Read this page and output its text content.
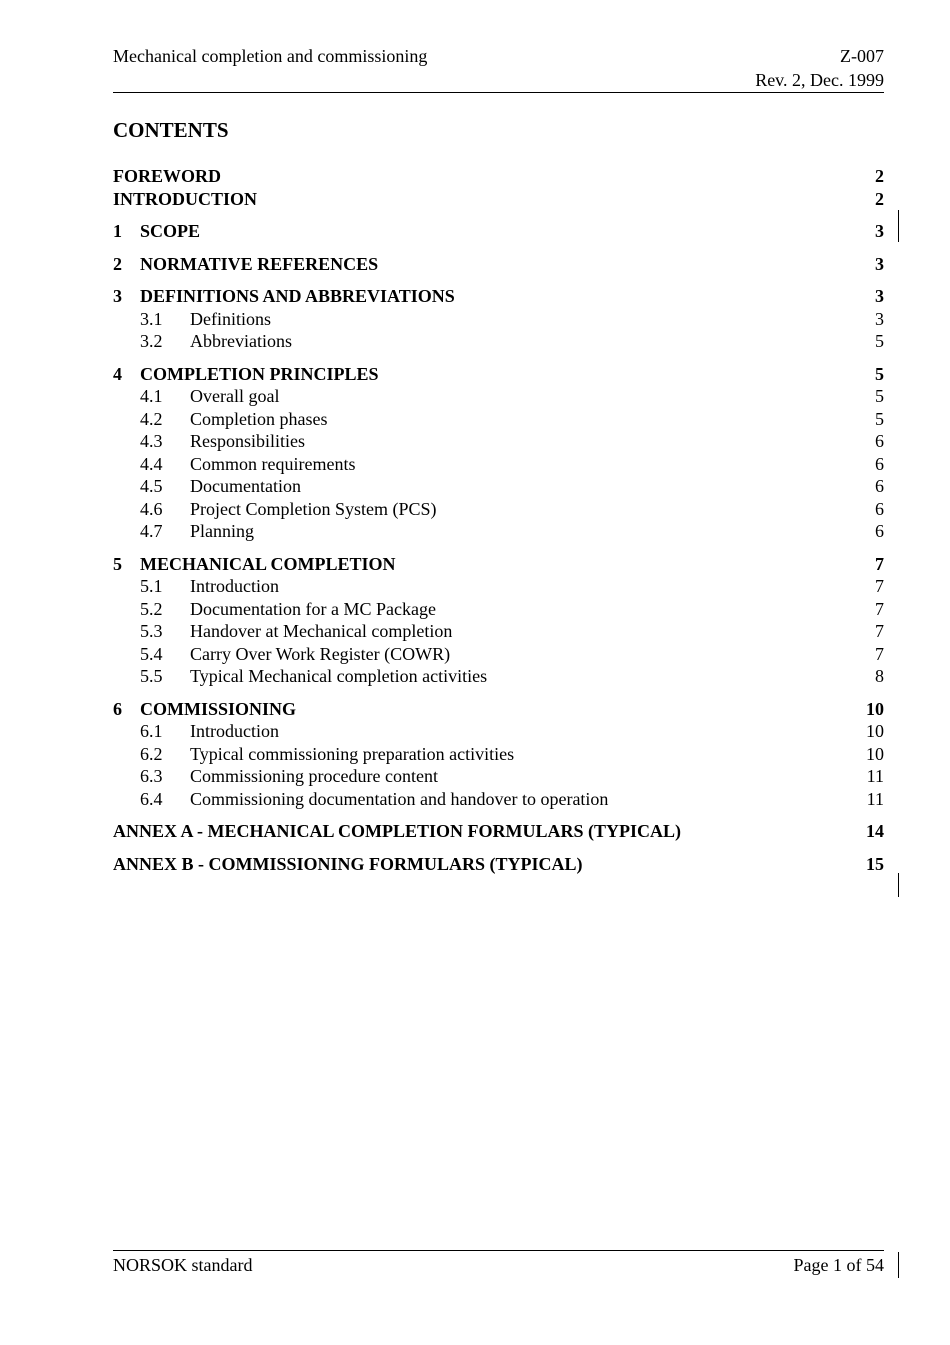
Mechanical completion and commissioning	Z-007
Rev. 2, Dec. 1999
CONTENTS
FOREWORD	2
INTRODUCTION	2
1 SCOPE	3
2 NORMATIVE REFERENCES	3
3 DEFINITIONS AND ABBREVIATIONS	3
3.1 Definitions	3
3.2 Abbreviations	5
4 COMPLETION PRINCIPLES	5
4.1 Overall goal	5
4.2 Completion phases	5
4.3 Responsibilities	6
4.4 Common requirements	6
4.5 Documentation	6
4.6 Project Completion System (PCS)	6
4.7 Planning	6
5 MECHANICAL COMPLETION	7
5.1 Introduction	7
5.2 Documentation for a MC Package	7
5.3 Handover at Mechanical completion	7
5.4 Carry Over Work Register (COWR)	7
5.5 Typical Mechanical completion activities	8
6 COMMISSIONING	10
6.1 Introduction	10
6.2 Typical commissioning preparation activities	10
6.3 Commissioning procedure content	11
6.4 Commissioning documentation and handover to operation	11
ANNEX A - MECHANICAL COMPLETION FORMULARS (TYPICAL)	14
ANNEX B - COMMISSIONING FORMULARS (TYPICAL)	15
NORSOK standard	Page 1 of 54
